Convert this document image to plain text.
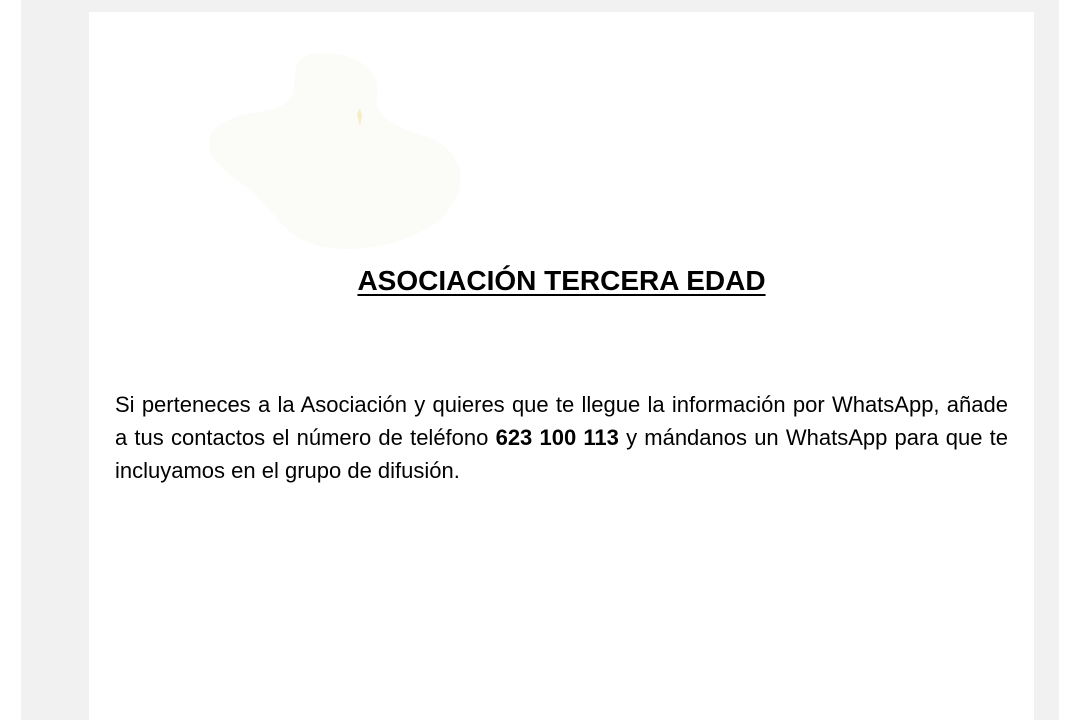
ASOCIACIÓN TERCERA EDAD

Si perteneces a la Asociación y quieres que te llegue la información por WhatsApp, añade a tus contactos el número de teléfono 623 100 113 y mándanos un WhatsApp para que te incluyamos en el grupo de difusión.
